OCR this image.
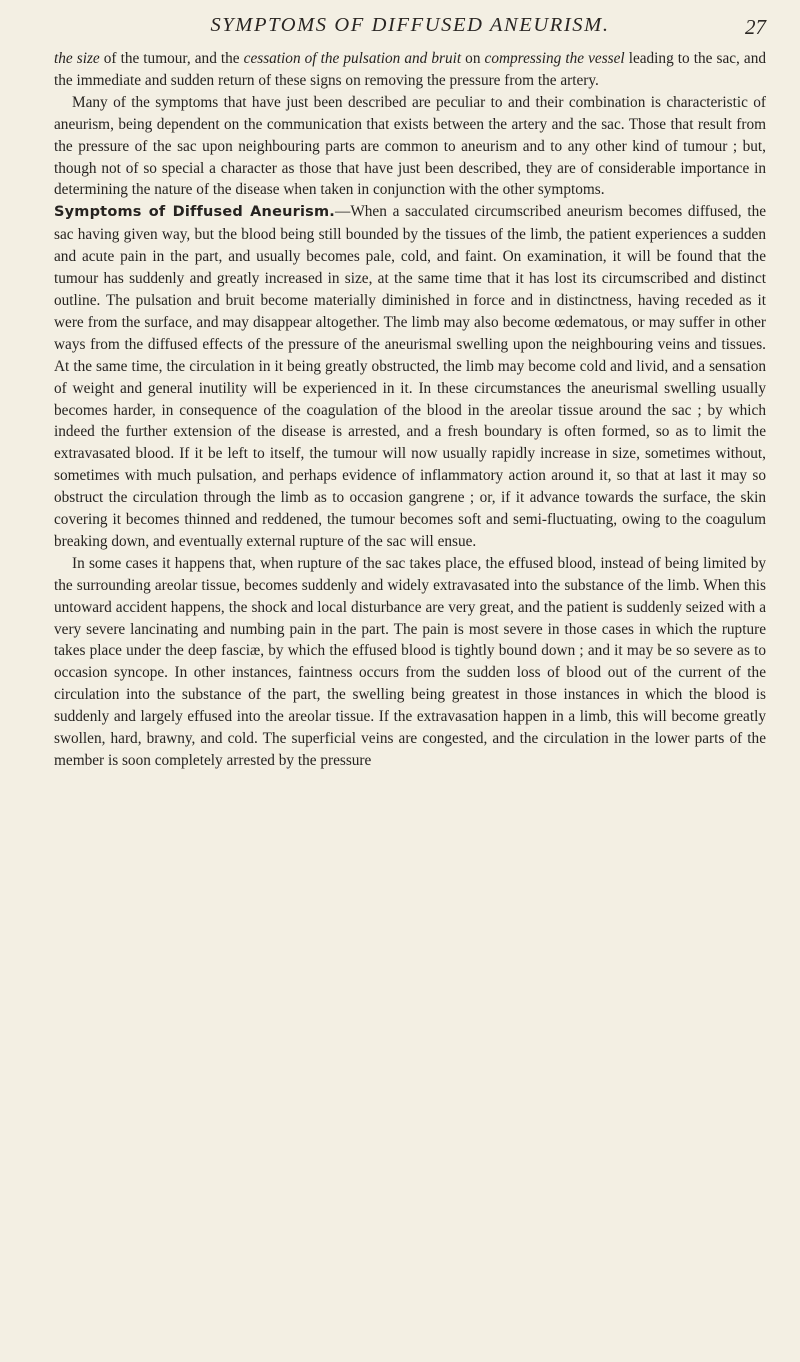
SYMPTOMS OF DIFFUSED ANEURISM.	27

the size of the tumour, and the cessation of the pulsation and bruit on compressing the vessel leading to the sac, and the immediate and sudden return of these signs on removing the pressure from the artery.

Many of the symptoms that have just been described are peculiar to and their combination is characteristic of aneurism, being dependent on the communication that exists between the artery and the sac. Those that result from the pressure of the sac upon neighbouring parts are common to aneurism and to any other kind of tumour ; but, though not of so special a character as those that have just been described, they are of considerable importance in determining the nature of the disease when taken in conjunction with the other symptoms.

Symptoms of Diffused Aneurism.—When a sacculated circumscribed aneurism becomes diffused, the sac having given way, but the blood being still bounded by the tissues of the limb, the patient experiences a sudden and acute pain in the part, and usually becomes pale, cold, and faint. On examination, it will be found that the tumour has suddenly and greatly increased in size, at the same time that it has lost its circumscribed and distinct outline. The pulsation and bruit become materially diminished in force and in distinctness, having receded as it were from the surface, and may disappear altogether. The limb may also become œdematous, or may suffer in other ways from the diffused effects of the pressure of the aneurismal swelling upon the neighbouring veins and tissues. At the same time, the circulation in it being greatly obstructed, the limb may become cold and livid, and a sensation of weight and general inutility will be experienced in it. In these circumstances the aneurismal swelling usually becomes harder, in consequence of the coagulation of the blood in the areolar tissue around the sac ; by which indeed the further extension of the disease is arrested, and a fresh boundary is often formed, so as to limit the extravasated blood. If it be left to itself, the tumour will now usually rapidly increase in size, sometimes without, sometimes with much pulsation, and perhaps evidence of inflammatory action around it, so that at last it may so obstruct the circulation through the limb as to occasion gangrene ; or, if it advance towards the surface, the skin covering it becomes thinned and reddened, the tumour becomes soft and semi-fluctuating, owing to the coagulum breaking down, and eventually external rupture of the sac will ensue.

In some cases it happens that, when rupture of the sac takes place, the effused blood, instead of being limited by the surrounding areolar tissue, becomes suddenly and widely extravasated into the substance of the limb. When this untoward accident happens, the shock and local disturbance are very great, and the patient is suddenly seized with a very severe lancinating and numbing pain in the part. The pain is most severe in those cases in which the rupture takes place under the deep fasciæ, by which the effused blood is tightly bound down ; and it may be so severe as to occasion syncope. In other instances, faintness occurs from the sudden loss of blood out of the current of the circulation into the substance of the part, the swelling being greatest in those instances in which the blood is suddenly and largely effused into the areolar tissue. If the extravasation happen in a limb, this will become greatly swollen, hard, brawny, and cold. The superficial veins are congested, and the circulation in the lower parts of the member is soon completely arrested by the pressure
